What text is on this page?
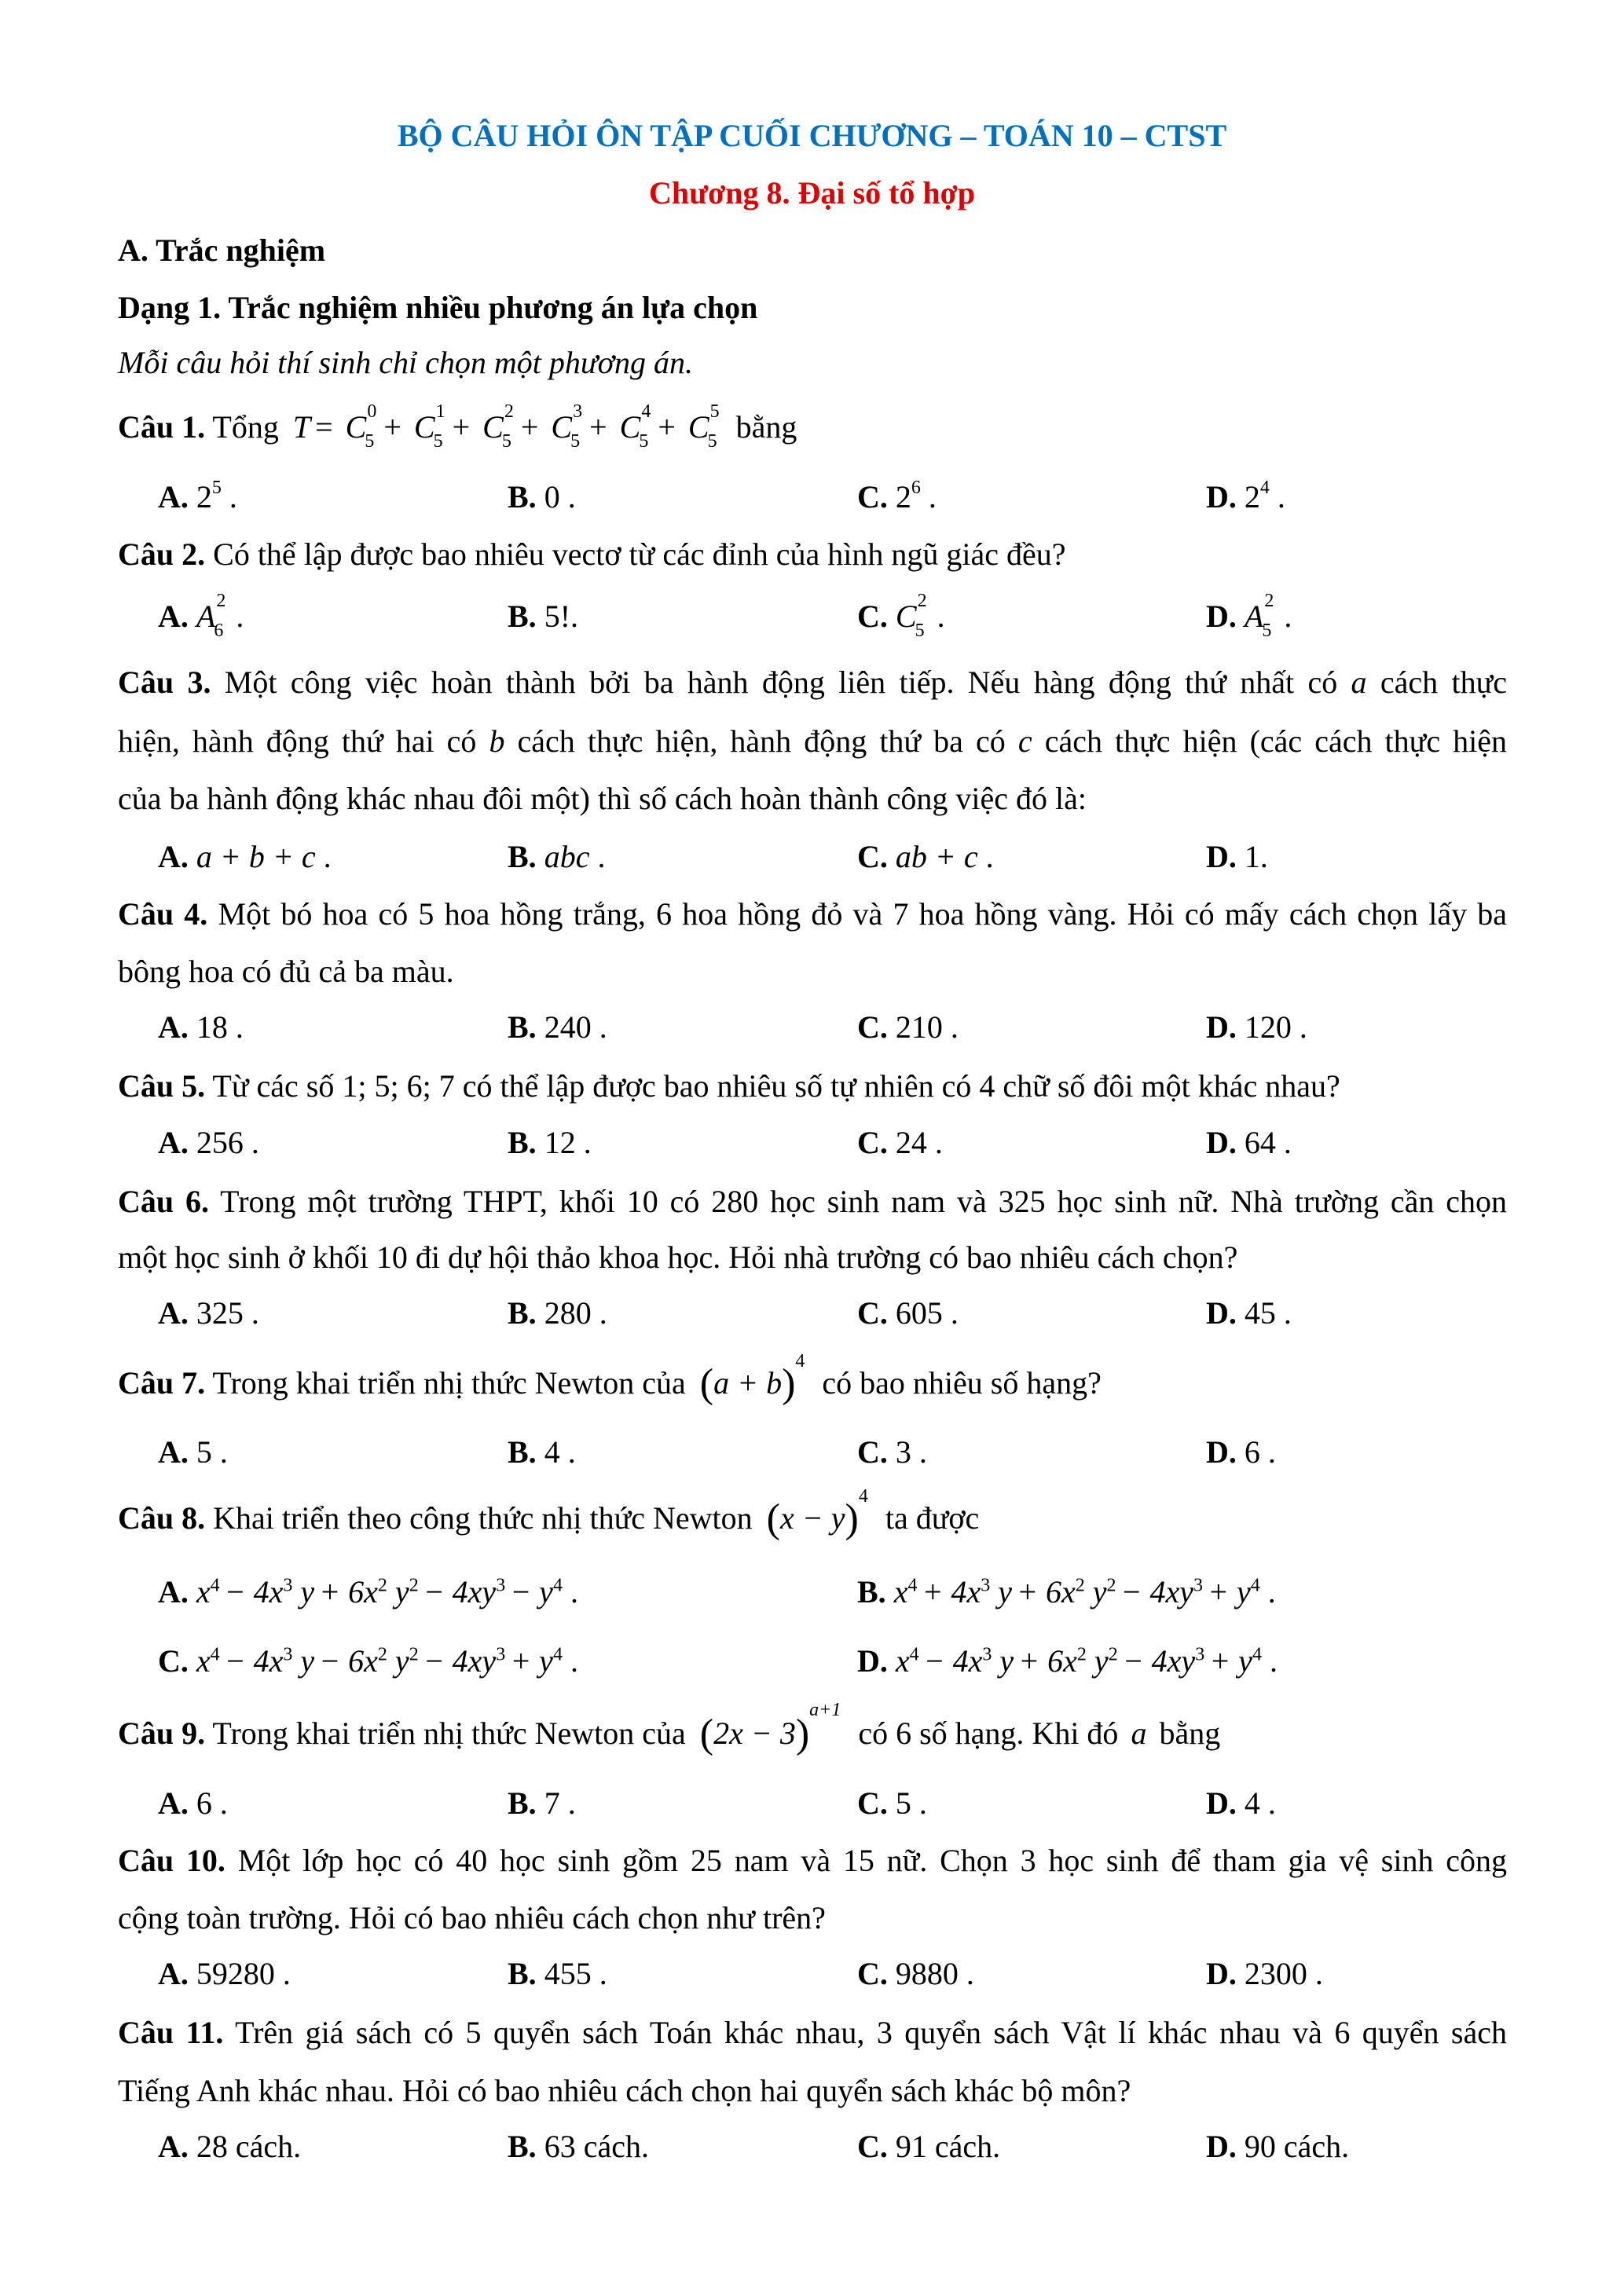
BỘ CÂU HỎI ÔN TẬP CUỐI CHƯƠNG – TOÁN 10 – CTST
Chương 8. Đại số tổ hợp
A. Trắc nghiệm
Dạng 1. Trắc nghiệm nhiều phương án lựa chọn
Mỗi câu hỏi thí sinh chỉ chọn một phương án.
Câu 1. Tổng T = C 0
5 + C 1
5 + C 2
5 + C 3
5 + C 4
5 + C 5
5 bằng
Câu 2. Có thể lập được bao nhiêu vectơ từ các đỉnh của hình ngũ giác đều?
Câu 3. Một công việc hoàn thành bởi ba hành động liên tiếp. Nếu hàng động thứ nhất có a cách thực
hiện, hành động thứ hai có b cách thực hiện, hành động thứ ba có c cách thực hiện (các cách thực hiện
của ba hành động khác nhau đôi một) thì số cách hoàn thành công việc đó là:
Câu 4. Một bó hoa có 5 hoa hồng trắng, 6 hoa hồng đỏ và 7 hoa hồng vàng. Hỏi có mấy cách chọn lấy ba
bông hoa có đủ cả ba màu.
Câu 5. Từ các số 1; 5; 6; 7 có thể lập được bao nhiêu số tự nhiên có 4 chữ số đôi một khác nhau?
Câu 6. Trong một trường THPT, khối 10 có 280 học sinh nam và 325 học sinh nữ. Nhà trường cần chọn
một học sinh ở khối 10 đi dự hội thảo khoa học. Hỏi nhà trường có bao nhiêu cách chọn?
Câu 7. Trong khai triển nhị thức Newton của $(a + b)^4$ có bao nhiêu số hạng?
Câu 8. Khai triển theo công thức nhị thức Newton $(x - y)^4$ ta được
Câu 9. Trong khai triển nhị thức Newton của $(2x - 3)^{a+1}$ có 6 số hạng. Khi đó a bằng
Câu 10. Một lớp học có 40 học sinh gồm 25 nam và 15 nữ. Chọn 3 học sinh để tham gia vệ sinh công
cộng toàn trường. Hỏi có bao nhiêu cách chọn như trên?
Câu 11. Trên giá sách có 5 quyển sách Toán khác nhau, 3 quyển sách Vật lí khác nhau và 6 quyển sách
Tiếng Anh khác nhau. Hỏi có bao nhiêu cách chọn hai quyển sách khác bộ môn?
A. $2^5$ .	B. 0 .	C. $2^6$ .	D. $2^4$ .
A. A 2
6 .	B. 5!.	C. C 2
5 .	D. A 2
5 .
A. a + b + c .	B. abc .	C. ab + c .	D. 1.
A. 18 .	B. 240 .	C. 210 .	D. 120 .
A. 256 .	B. 12 .	C. 24 .	D. 64 .
A. 325 .	B. 280 .	C. 605 .	D. 45 .
A. 5 .	B. 4 .	C. 3 .	D. 6 .
A. $x^4 - 4x^3$ $y + 6x^2$ $y^2 - 4xy^3 - y^4$ .	B. $x^4 + 4x^3$ $y + 6x^2$ $y^2 - 4xy^3 + y^4$ .
C. $x^4 - 4x^3$ $y - 6x^2$ $y^2 - 4xy^3 + y^4$ .	D. $x^4 - 4x^3$ $y + 6x^2$ $y^2 - 4xy^3 + y^4$ .
A. 6 .	B. 7 .	C. 5 .	D. 4 .
A. 59280 .	B. 455 .	C. 9880 .	D. 2300 .
A. 28 cách.	B. 63 cách.	C. 91 cách.	D. 90 cách.
